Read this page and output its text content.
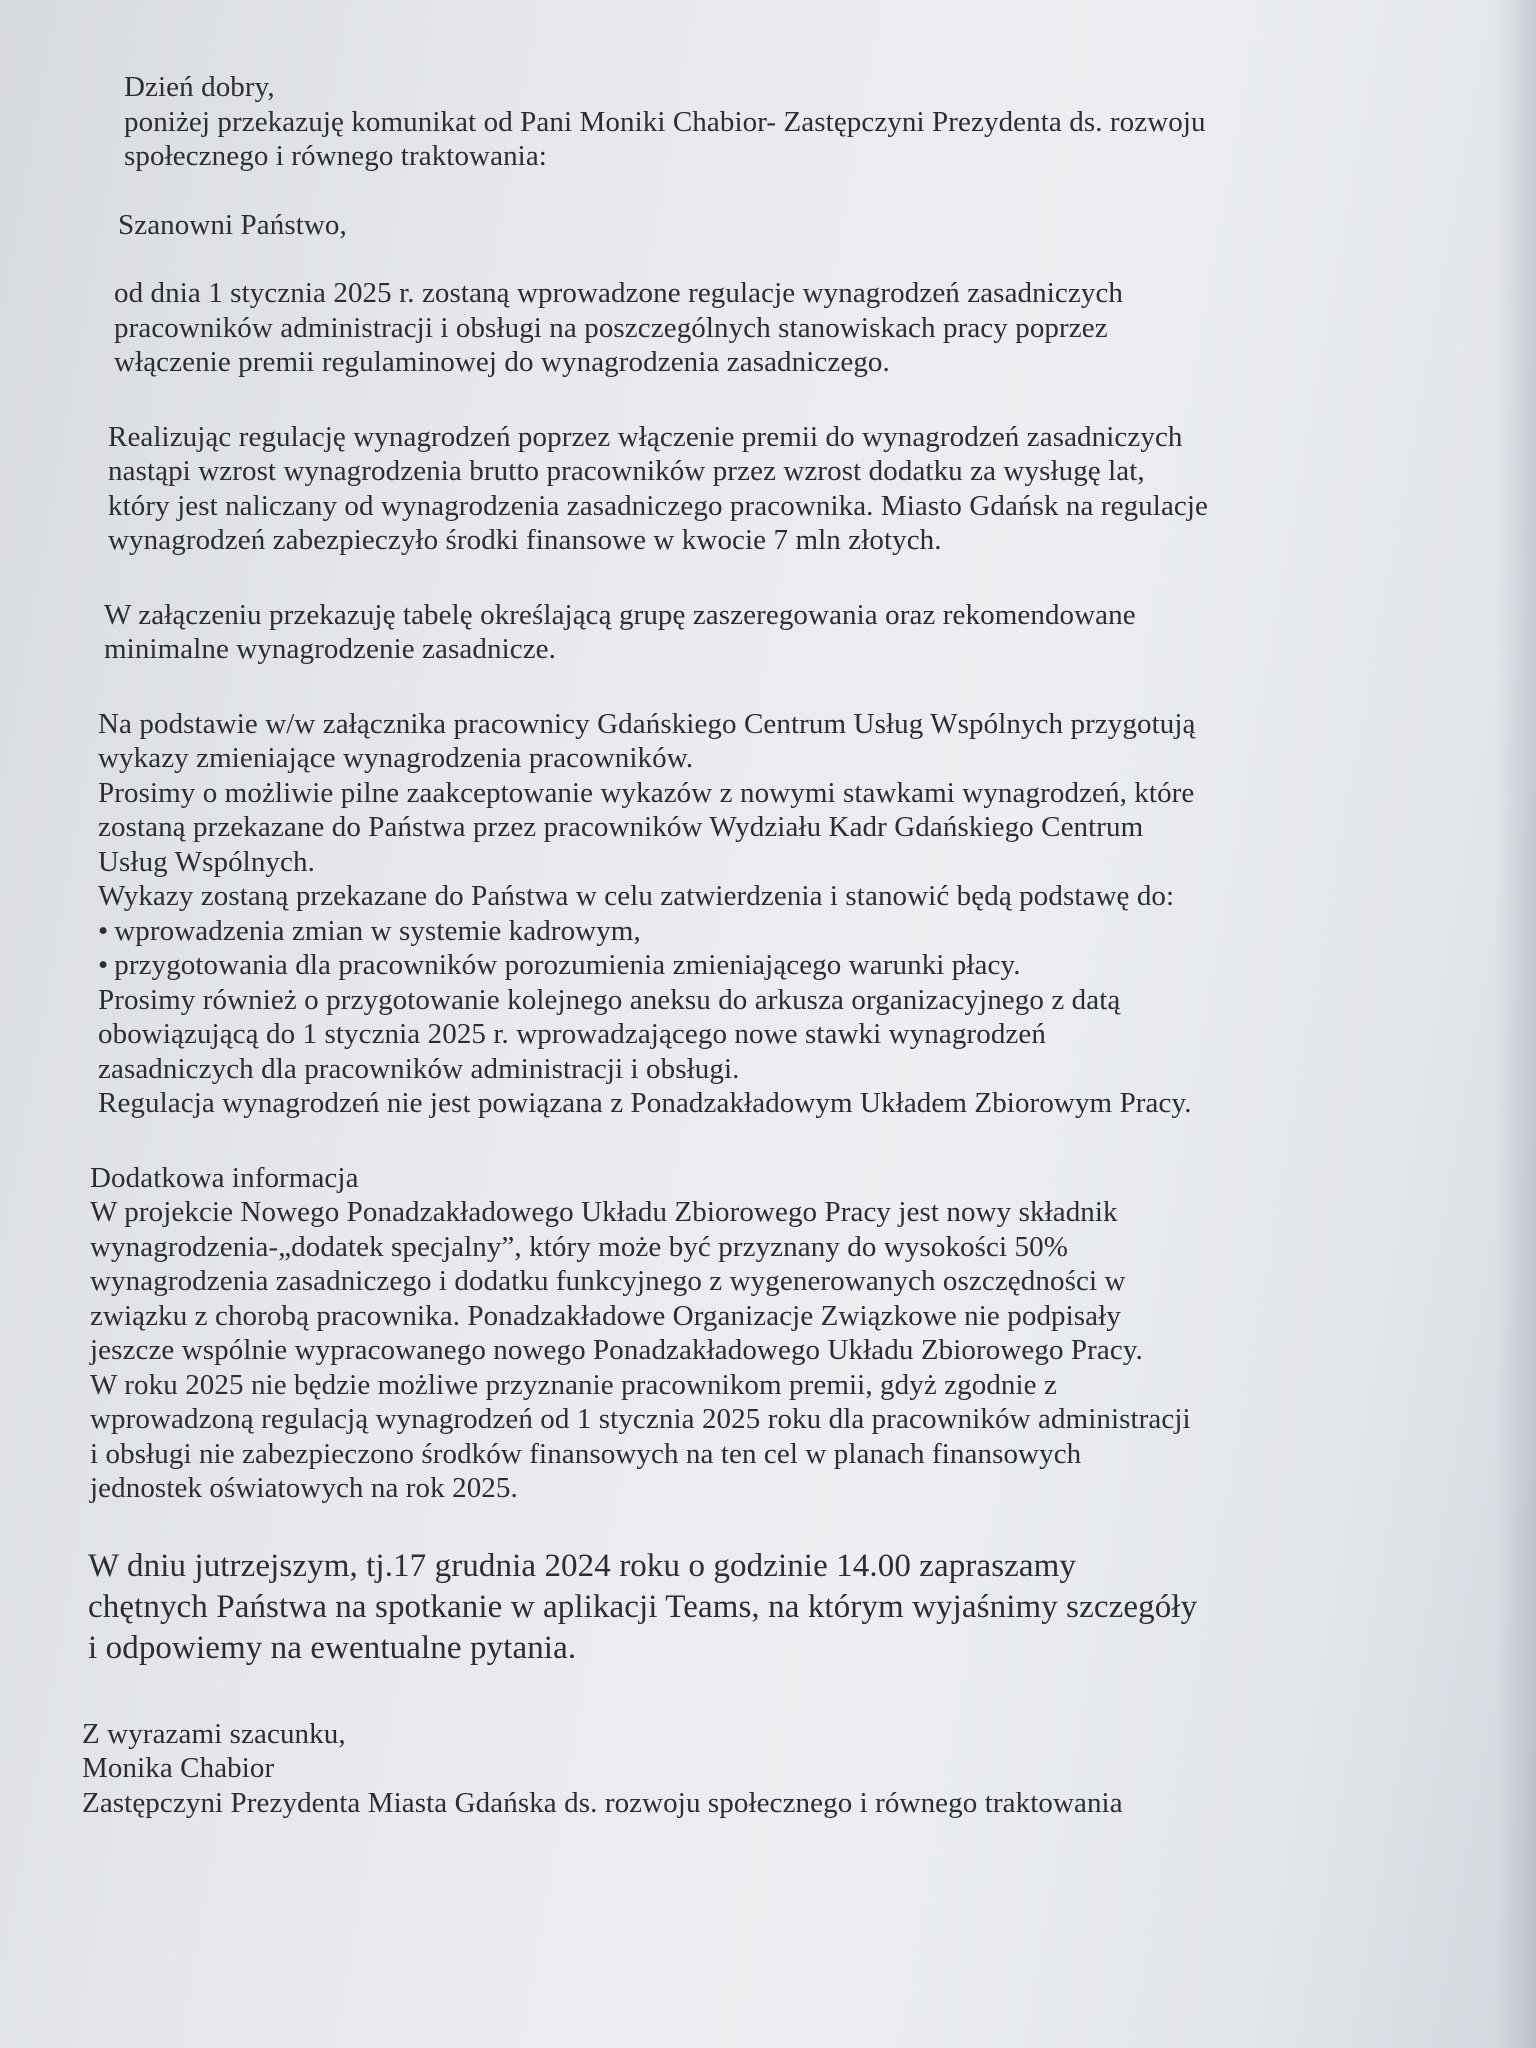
Dzień dobry,

poniżej przekazuję komunikat od Pani Moniki Chabior- Zastępczyni Prezydenta ds. rozwoju

społecznego i równego traktowania:

Szanowni Państwo,

od dnia 1 stycznia 2025 r. zostaną wprowadzone regulacje wynagrodzeń zasadniczych

pracowników administracji i obsługi na poszczególnych stanowiskach pracy poprzez

włączenie premii regulaminowej do wynagrodzenia zasadniczego.

Realizując regulację wynagrodzeń poprzez włączenie premii do wynagrodzeń zasadniczych

nastąpi wzrost wynagrodzenia brutto pracowników przez wzrost dodatku za wysługę lat,

który jest naliczany od wynagrodzenia zasadniczego pracownika. Miasto Gdańsk na regulacje

wynagrodzeń zabezpieczyło środki finansowe w kwocie 7 mln złotych.

W załączeniu przekazuję tabelę określającą grupę zaszeregowania oraz rekomendowane

minimalne wynagrodzenie zasadnicze.

Na podstawie w/w załącznika pracownicy Gdańskiego Centrum Usług Wspólnych przygotują

wykazy zmieniające wynagrodzenia pracowników.

Prosimy o możliwie pilne zaakceptowanie wykazów z nowymi stawkami wynagrodzeń, które

zostaną przekazane do Państwa przez pracowników Wydziału Kadr Gdańskiego Centrum

Usług Wspólnych.

Wykazy zostaną przekazane do Państwa w celu zatwierdzenia i stanowić będą podstawę do:

• wprowadzenia zmian w systemie kadrowym,

• przygotowania dla pracowników porozumienia zmieniającego warunki płacy.

Prosimy również o przygotowanie kolejnego aneksu do arkusza organizacyjnego z datą

obowiązującą do 1 stycznia 2025 r. wprowadzającego nowe stawki wynagrodzeń

zasadniczych dla pracowników administracji i obsługi.

Regulacja wynagrodzeń nie jest powiązana z Ponadzakładowym Układem Zbiorowym Pracy.

Dodatkowa informacja

W projekcie Nowego Ponadzakładowego Układu Zbiorowego Pracy jest nowy składnik

wynagrodzenia-„dodatek specjalny”, który może być przyznany do wysokości 50%

wynagrodzenia zasadniczego i dodatku funkcyjnego z wygenerowanych oszczędności w

związku z chorobą pracownika. Ponadzakładowe Organizacje Związkowe nie podpisały

jeszcze wspólnie wypracowanego nowego Ponadzakładowego Układu Zbiorowego Pracy.

W roku 2025 nie będzie możliwe przyznanie pracownikom premii, gdyż zgodnie z

wprowadzoną regulacją wynagrodzeń od 1 stycznia 2025 roku dla pracowników administracji

i obsługi nie zabezpieczono środków finansowych na ten cel w planach finansowych

jednostek oświatowych na rok 2025.

W dniu jutrzejszym, tj.17 grudnia 2024 roku o godzinie 14.00 zapraszamy

chętnych Państwa na spotkanie w aplikacji Teams, na którym wyjaśnimy szczegóły

i odpowiemy na ewentualne pytania.

Z wyrazami szacunku,

Monika Chabior

Zastępczyni Prezydenta Miasta Gdańska ds. rozwoju społecznego i równego traktowania
